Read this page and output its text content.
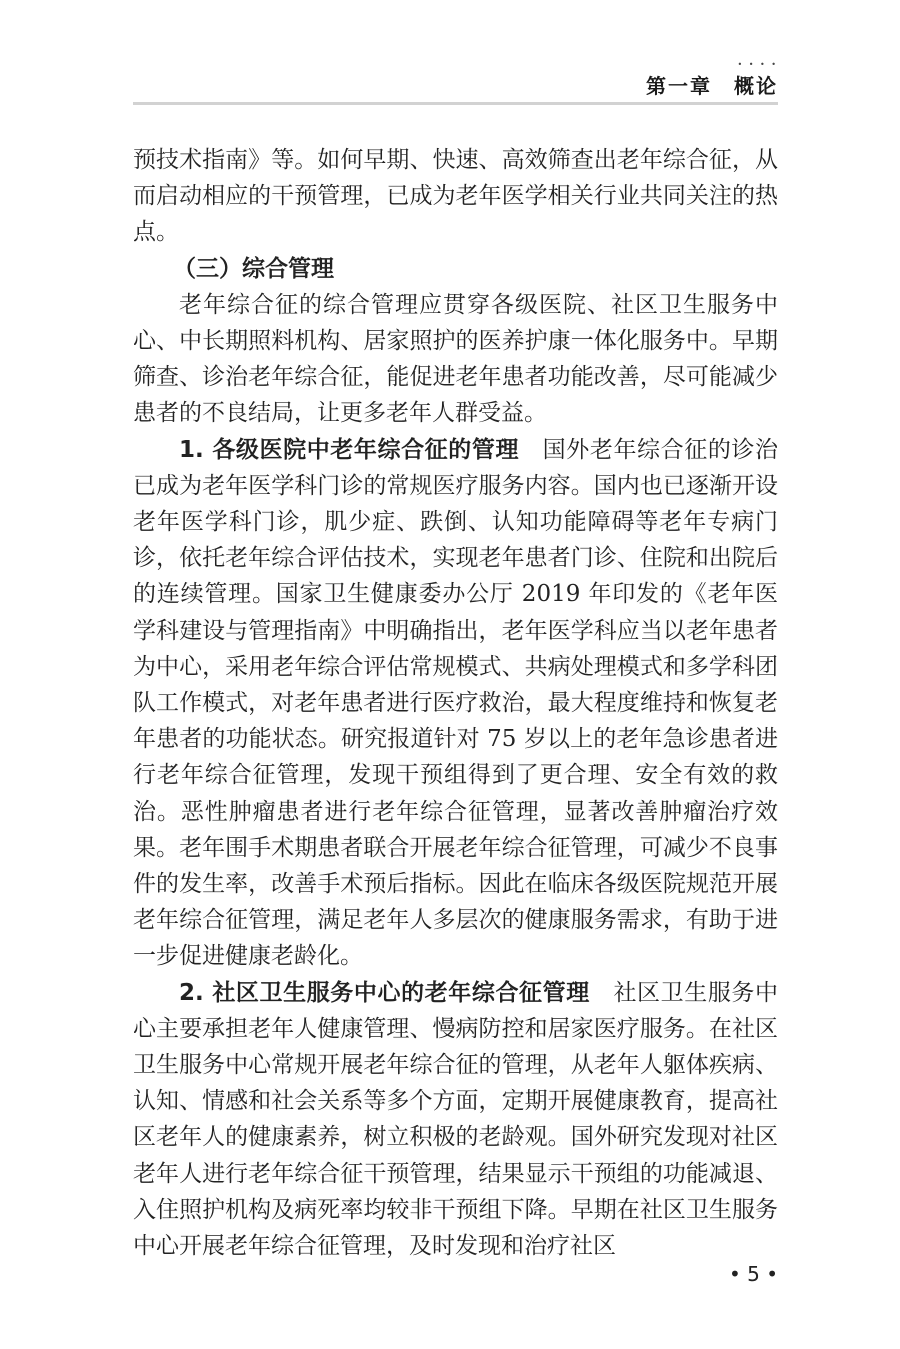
• • • •
第一章　概论

预技术指南》等。如何早期、快速、高效筛查出老年综合征，从而启动相应的干预管理，已成为老年医学相关行业共同关注的热点。

（三）综合管理

老年综合征的综合管理应贯穿各级医院、社区卫生服务中心、中长期照料机构、居家照护的医养护康一体化服务中。早期筛查、诊治老年综合征，能促进老年患者功能改善，尽可能减少患者的不良结局，让更多老年人群受益。

1. 各级医院中老年综合征的管理　国外老年综合征的诊治已成为老年医学科门诊的常规医疗服务内容。国内也已逐渐开设老年医学科门诊，肌少症、跌倒、认知功能障碍等老年专病门诊，依托老年综合评估技术，实现老年患者门诊、住院和出院后的连续管理。国家卫生健康委办公厅 2019 年印发的《老年医学科建设与管理指南》中明确指出，老年医学科应当以老年患者为中心，采用老年综合评估常规模式、共病处理模式和多学科团队工作模式，对老年患者进行医疗救治，最大程度维持和恢复老年患者的功能状态。研究报道针对 75 岁以上的老年急诊患者进行老年综合征管理，发现干预组得到了更合理、安全有效的救治。恶性肿瘤患者进行老年综合征管理，显著改善肿瘤治疗效果。老年围手术期患者联合开展老年综合征管理，可减少不良事件的发生率，改善手术预后指标。因此在临床各级医院规范开展老年综合征管理，满足老年人多层次的健康服务需求，有助于进一步促进健康老龄化。

2. 社区卫生服务中心的老年综合征管理　社区卫生服务中心主要承担老年人健康管理、慢病防控和居家医疗服务。在社区卫生服务中心常规开展老年综合征的管理，从老年人躯体疾病、认知、情感和社会关系等多个方面，定期开展健康教育，提高社区老年人的健康素养，树立积极的老龄观。国外研究发现对社区老年人进行老年综合征干预管理，结果显示干预组的功能减退、入住照护机构及病死率均较非干预组下降。早期在社区卫生服务中心开展老年综合征管理，及时发现和治疗社区

• 5 •
